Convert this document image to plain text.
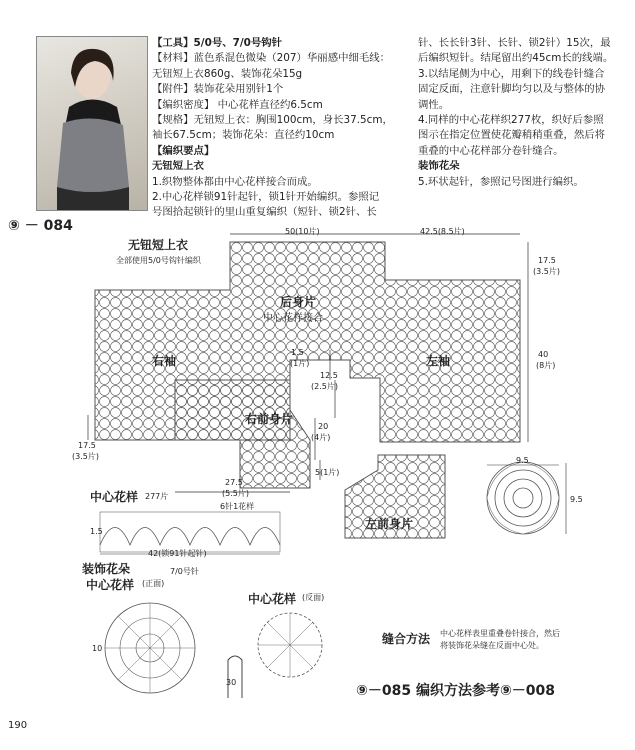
【工具】5/0号、7/0号钩针

【材料】蓝色系混色微染（207）华丽感中细毛线：

无钮短上衣860g、装饰花朵15g

【附件】装饰花朵用别针1个

【编织密度】 中心花样直径约6.5cm

【规格】无钮短上衣：胸围100cm，身长37.5cm，

袖长67.5cm；装饰花朵：直径约10cm

【编织要点】

无钮短上衣

1.织物整体都由中心花样接合而成。

2.中心花样锁91针起针，锁1针开始编织。参照记

号图拾起锁针的里山重复编织（短针、锁2针、长

针、长长针3针、长针、锁2针）15次，最

后编织短针。结尾留出约45cm长的线端。

3.以结尾侧为中心，用剩下的线卷针缝合

固定反面，注意针脚均匀以及与整体的协

调性。

4.同样的中心花样织277枚，织好后参照

图示在指定位置使花瓣稍稍重叠，然后将

重叠的中心花样部分卷针缝合。

装饰花朵

5.环状起针，参照记号图进行编织。

⑨ － 084
无钮短上衣
全部使用5/0号钩针编织
后身片
中心花样接合
右袖	左袖
右前身片
左前身片
50(10片)	42.5(8.5片)
17.5
(3.5片)
40
(8片)
1.5
(1片)
12.5
(2.5片)
20
(4片)
5(1片)
17.5
(3.5片)
27.5
(5.5片)
9.5
9.5
中心花样 277片
6针1花样
1.5
42(锁91针起针)
装饰花朵
中心花样 (正面)
7/0号针
中心花样 (反面)
10
30
缝合方法 中心花样表里重叠卷针接合，然后
将装饰花朵缝在反面中心处。
⑨－085 编织方法参考⑨－008
190
